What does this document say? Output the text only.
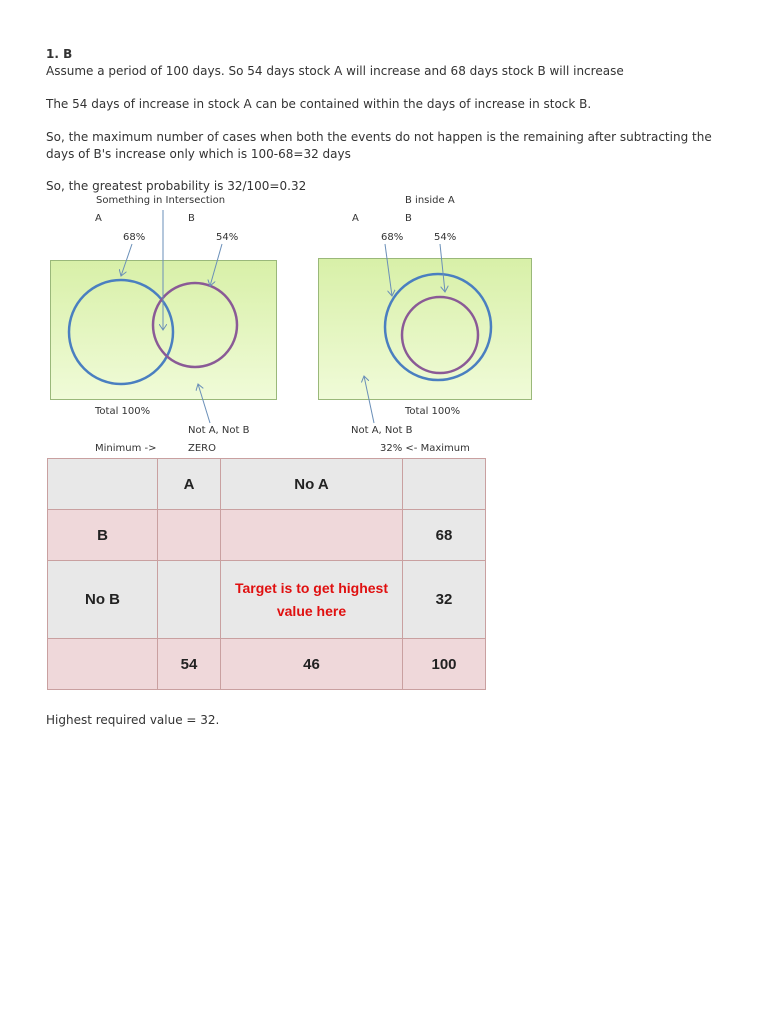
1. B

Assume a period of 100 days. So 54 days stock A will increase and 68 days stock B will increase

The 54 days of increase in stock A can be contained within the days of increase in stock B.

So, the maximum number of cases when both the events do not happen is the remaining after subtracting the days of B's increase only which is 100-68=32 days

So, the greatest probability is 32/100=0.32

Something in Intersection
A	B
68%	54%
Total 100%
Not A, Not B
Minimum ->	ZERO
B inside A
A	B
68%	54%
Total 100%
Not A, Not B
32% <- Maximum
	A	No A	
B			68
No B		Target is to get highest value here	32
	54	46	100

Highest required value = 32.
